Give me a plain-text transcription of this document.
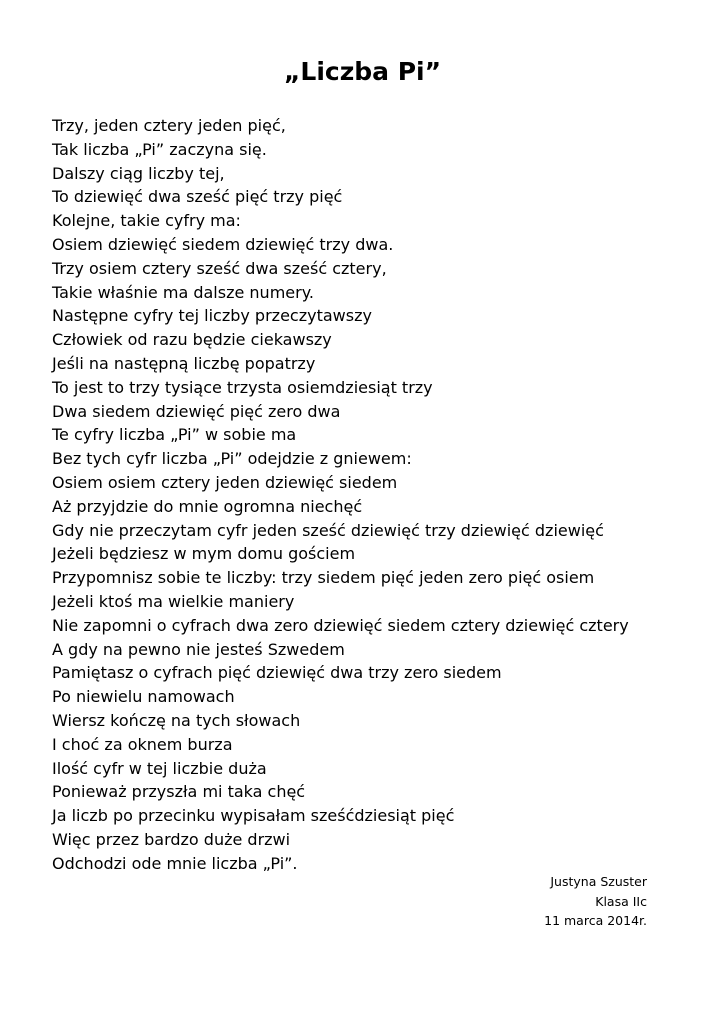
„Liczba Pi”
Trzy, jeden cztery jeden pięć,
Tak liczba „Pi” zaczyna się.
Dalszy ciąg liczby tej,
To dziewięć dwa sześć pięć trzy pięć
Kolejne, takie cyfry ma:
Osiem dziewięć siedem dziewięć trzy dwa.
Trzy osiem cztery sześć dwa sześć cztery,
Takie właśnie ma dalsze numery.
Następne cyfry tej liczby przeczytawszy
Człowiek od razu będzie ciekawszy
Jeśli na następną liczbę popatrzy
To jest to trzy tysiące trzysta osiemdziesiąt trzy
Dwa siedem dziewięć pięć zero dwa
Te cyfry liczba „Pi” w sobie ma
Bez tych cyfr liczba „Pi” odejdzie z gniewem:
Osiem osiem cztery jeden dziewięć siedem
Aż przyjdzie do mnie ogromna niechęć
Gdy nie przeczytam cyfr jeden sześć dziewięć trzy dziewięć dziewięć
Jeżeli będziesz w mym domu gościem
Przypomnisz sobie te liczby: trzy siedem pięć jeden zero pięć osiem
Jeżeli ktoś ma wielkie maniery
Nie zapomni o cyfrach dwa zero dziewięć siedem cztery dziewięć cztery
A gdy na pewno nie jesteś Szwedem
Pamiętasz o cyfrach pięć dziewięć dwa trzy zero siedem
Po niewielu namowach
Wiersz kończę na tych słowach
I choć za oknem burza
Ilość cyfr w tej liczbie duża
Ponieważ przyszła mi taka chęć
Ja liczb po przecinku wypisałam sześćdziesiąt pięć
Więc przez bardzo duże drzwi
Odchodzi ode mnie liczba „Pi”.
Justyna Szuster
Klasa IIc
11 marca 2014r.
